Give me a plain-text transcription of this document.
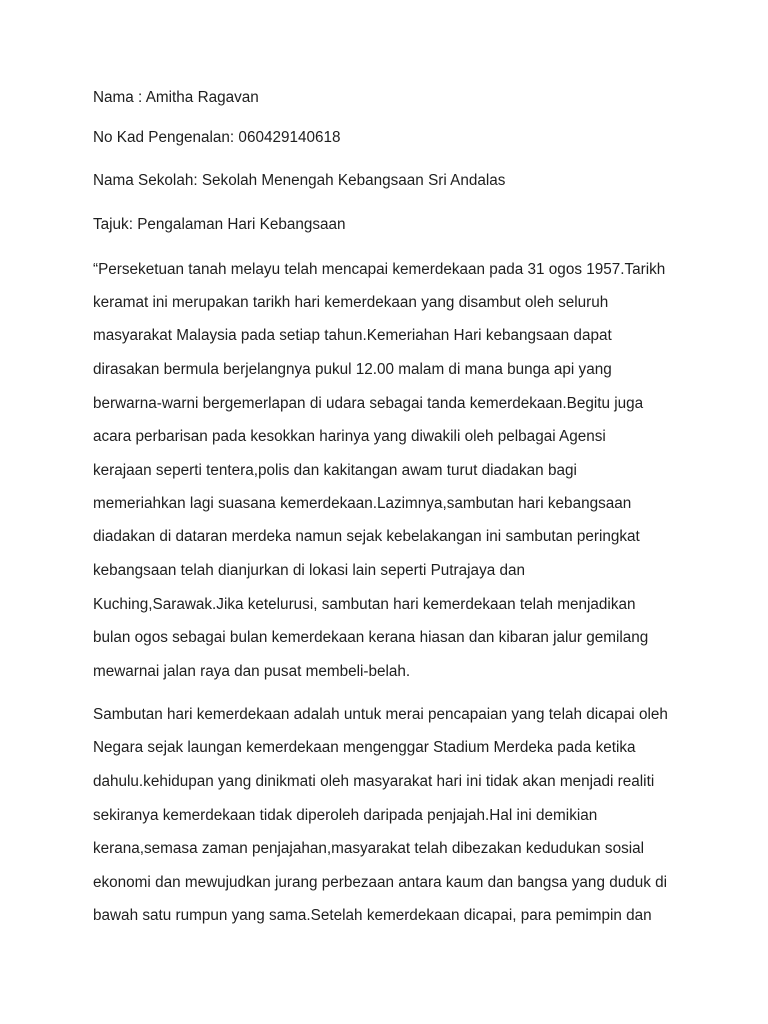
Nama : Amitha Ragavan
No Kad Pengenalan: 060429140618
Nama Sekolah: Sekolah Menengah Kebangsaan Sri Andalas
Tajuk: Pengalaman Hari Kebangsaan
“Perseketuan tanah melayu telah mencapai kemerdekaan pada 31 ogos 1957.Tarikh
keramat ini merupakan tarikh hari kemerdekaan yang disambut oleh seluruh
masyarakat Malaysia pada setiap tahun.Kemeriahan Hari kebangsaan dapat
dirasakan bermula berjelangnya pukul 12.00 malam di mana bunga api yang
berwarna-warni bergemerlapan di udara sebagai tanda kemerdekaan.Begitu juga
acara perbarisan pada kesokkan harinya yang diwakili oleh pelbagai Agensi
kerajaan seperti tentera,polis dan kakitangan awam turut diadakan bagi
memeriahkan lagi suasana kemerdekaan.Lazimnya,sambutan hari kebangsaan
diadakan di dataran merdeka namun sejak kebelakangan ini sambutan peringkat
kebangsaan telah dianjurkan di lokasi lain seperti Putrajaya dan
Kuching,Sarawak.Jika ketelurusi, sambutan hari kemerdekaan telah menjadikan
bulan ogos sebagai bulan kemerdekaan kerana hiasan dan kibaran jalur gemilang
mewarnai jalan raya dan pusat membeli-belah.
Sambutan hari kemerdekaan adalah untuk merai pencapaian yang telah dicapai oleh
Negara sejak laungan kemerdekaan mengenggar Stadium Merdeka pada ketika
dahulu.kehidupan yang dinikmati oleh masyarakat hari ini tidak akan menjadi realiti
sekiranya kemerdekaan tidak diperoleh daripada penjajah.Hal ini demikian
kerana,semasa zaman penjajahan,masyarakat telah dibezakan kedudukan sosial
ekonomi dan mewujudkan jurang perbezaan antara kaum dan bangsa yang duduk di
bawah satu rumpun yang sama.Setelah kemerdekaan dicapai, para pemimpin dan
